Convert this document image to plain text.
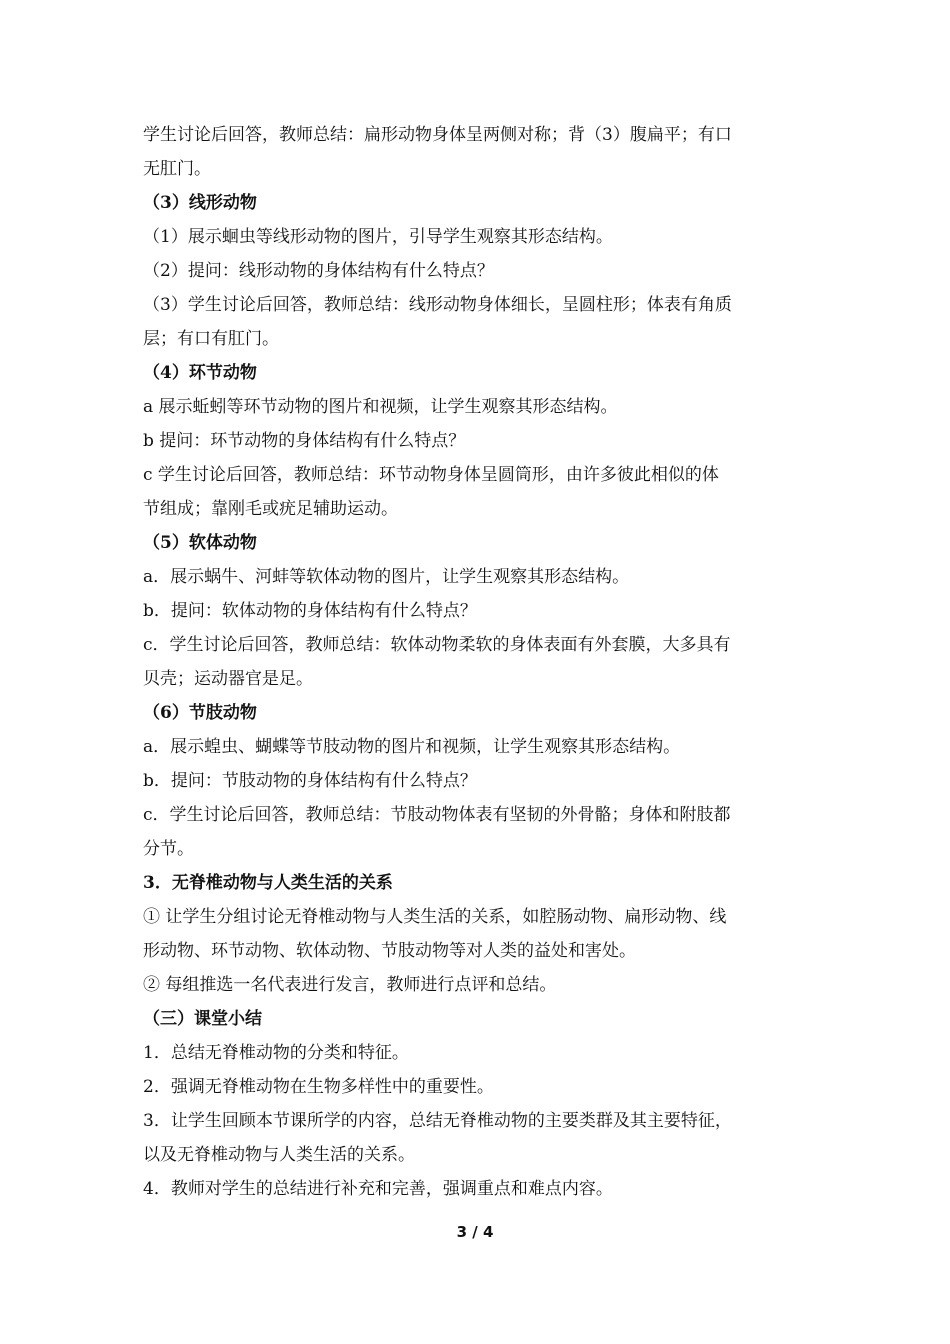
学生讨论后回答，教师总结：扁形动物身体呈两侧对称；背（3）腹扁平；有口
无肛门。
（3）线形动物
（1）展示蛔虫等线形动物的图片，引导学生观察其形态结构。
（2）提问：线形动物的身体结构有什么特点？
（3）学生讨论后回答，教师总结：线形动物身体细长，呈圆柱形；体表有角质
层；有口有肛门。
（4）环节动物
a 展示蚯蚓等环节动物的图片和视频，让学生观察其形态结构。
b 提问：环节动物的身体结构有什么特点？
c 学生讨论后回答，教师总结：环节动物身体呈圆筒形，由许多彼此相似的体
节组成；靠刚毛或疣足辅助运动。
（5）软体动物
a．展示蜗牛、河蚌等软体动物的图片，让学生观察其形态结构。
b．提问：软体动物的身体结构有什么特点？
c．学生讨论后回答，教师总结：软体动物柔软的身体表面有外套膜，大多具有
贝壳；运动器官是足。
（6）节肢动物
a．展示蝗虫、蝴蝶等节肢动物的图片和视频，让学生观察其形态结构。
b．提问：节肢动物的身体结构有什么特点？
c．学生讨论后回答，教师总结：节肢动物体表有坚韧的外骨骼；身体和附肢都
分节。
3．无脊椎动物与人类生活的关系
① 让学生分组讨论无脊椎动物与人类生活的关系，如腔肠动物、扁形动物、线
形动物、环节动物、软体动物、节肢动物等对人类的益处和害处。
② 每组推选一名代表进行发言，教师进行点评和总结。
（三）课堂小结
1．总结无脊椎动物的分类和特征。
2．强调无脊椎动物在生物多样性中的重要性。
3．让学生回顾本节课所学的内容，总结无脊椎动物的主要类群及其主要特征，
以及无脊椎动物与人类生活的关系。
4．教师对学生的总结进行补充和完善，强调重点和难点内容。
3 / 4
